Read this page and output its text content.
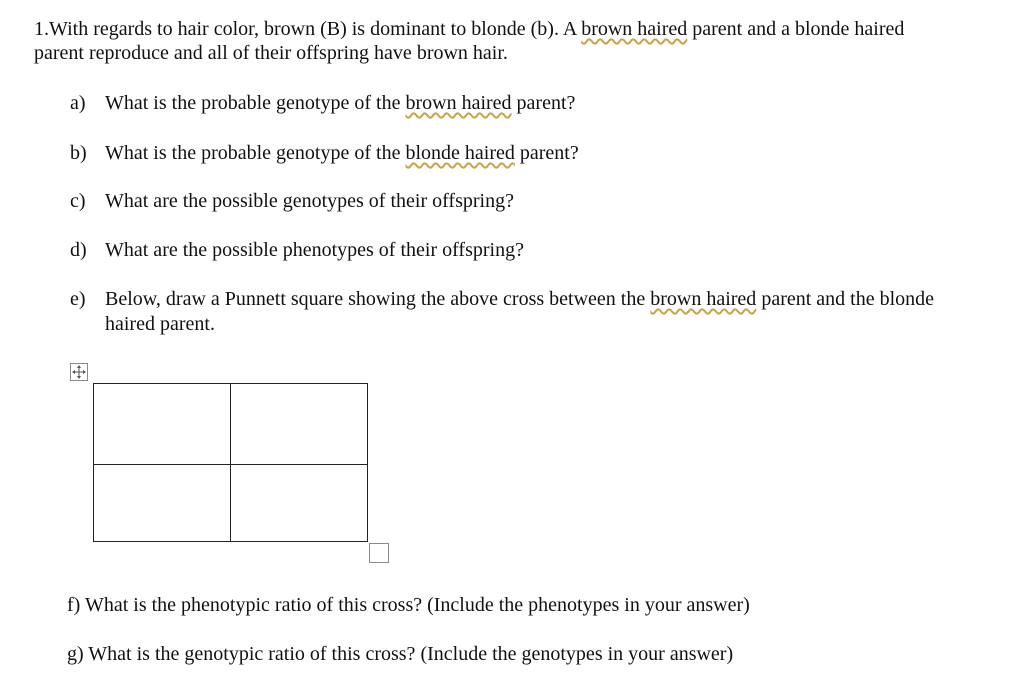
1.With regards to hair color, brown (B) is dominant to blonde (b). A brown haired parent and a blonde haired
parent reproduce and all of their offspring have brown hair.
a) What is the probable genotype of the brown haired parent?
b) What is the probable genotype of the blonde haired parent?
c) What are the possible genotypes of their offspring?
d) What are the possible phenotypes of their offspring?
e) Below, draw a Punnett square showing the above cross between the brown haired parent and the blonde
haired parent.
f) What is the phenotypic ratio of this cross? (Include the phenotypes in your answer)
g) What is the genotypic ratio of this cross? (Include the genotypes in your answer)
